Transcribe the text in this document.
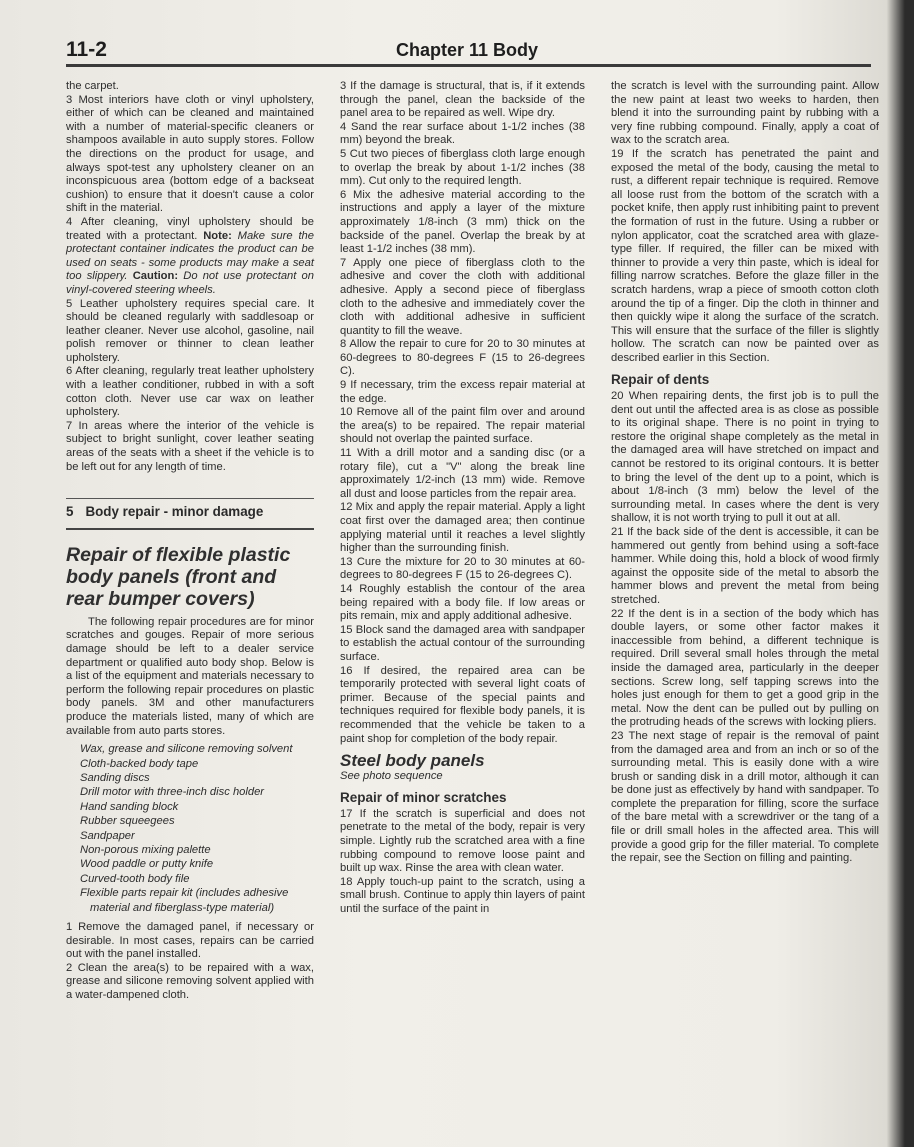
11-2	Chapter 11 Body

the carpet.

3 Most interiors have cloth or vinyl upholstery, either of which can be cleaned and maintained with a number of material-specific cleaners or shampoos available in auto supply stores. Follow the directions on the product for usage, and always spot-test any upholstery cleaner on an inconspicuous area (bottom edge of a backseat cushion) to ensure that it doesn't cause a color shift in the material.

4 After cleaning, vinyl upholstery should be treated with a protectant. Note: Make sure the protectant container indicates the product can be used on seats - some products may make a seat too slippery. Caution: Do not use protectant on vinyl-covered steering wheels.

5 Leather upholstery requires special care. It should be cleaned regularly with saddlesoap or leather cleaner. Never use alcohol, gasoline, nail polish remover or thinner to clean leather upholstery.

6 After cleaning, regularly treat leather upholstery with a leather conditioner, rubbed in with a soft cotton cloth. Never use car wax on leather upholstery.

7 In areas where the interior of the vehicle is subject to bright sunlight, cover leather seating areas of the seats with a sheet if the vehicle is to be left out for any length of time.

5 Body repair - minor damage
Repair of flexible plastic body panels (front and rear bumper covers)

The following repair procedures are for minor scratches and gouges. Repair of more serious damage should be left to a dealer service department or qualified auto body shop. Below is a list of the equipment and materials necessary to perform the following repair procedures on plastic body panels. 3M and other manufacturers produce the materials listed, many of which are available from auto parts stores.

Wax, grease and silicone removing solvent
Cloth-backed body tape
Sanding discs
Drill motor with three-inch disc holder
Hand sanding block
Rubber squeegees
Sandpaper
Non-porous mixing palette
Wood paddle or putty knife
Curved-tooth body file
Flexible parts repair kit (includes adhesive material and fiberglass-type material)

1 Remove the damaged panel, if necessary or desirable. In most cases, repairs can be carried out with the panel installed.

2 Clean the area(s) to be repaired with a wax, grease and silicone removing solvent applied with a water-dampened cloth.

3 If the damage is structural, that is, if it extends through the panel, clean the backside of the panel area to be repaired as well. Wipe dry.

4 Sand the rear surface about 1-1/2 inches (38 mm) beyond the break.

5 Cut two pieces of fiberglass cloth large enough to overlap the break by about 1-1/2 inches (38 mm). Cut only to the required length.

6 Mix the adhesive material according to the instructions and apply a layer of the mixture approximately 1/8-inch (3 mm) thick on the backside of the panel. Overlap the break by at least 1-1/2 inches (38 mm).

7 Apply one piece of fiberglass cloth to the adhesive and cover the cloth with additional adhesive. Apply a second piece of fiberglass cloth to the adhesive and immediately cover the cloth with additional adhesive in sufficient quantity to fill the weave.

8 Allow the repair to cure for 20 to 30 minutes at 60-degrees to 80-degrees F (15 to 26-degrees C).

9 If necessary, trim the excess repair material at the edge.

10 Remove all of the paint film over and around the area(s) to be repaired. The repair material should not overlap the painted surface.

11 With a drill motor and a sanding disc (or a rotary file), cut a "V" along the break line approximately 1/2-inch (13 mm) wide. Remove all dust and loose particles from the repair area.

12 Mix and apply the repair material. Apply a light coat first over the damaged area; then continue applying material until it reaches a level slightly higher than the surrounding finish.

13 Cure the mixture for 20 to 30 minutes at 60-degrees to 80-degrees F (15 to 26-degrees C).

14 Roughly establish the contour of the area being repaired with a body file. If low areas or pits remain, mix and apply additional adhesive.

15 Block sand the damaged area with sandpaper to establish the actual contour of the surrounding surface.

16 If desired, the repaired area can be temporarily protected with several light coats of primer. Because of the special paints and techniques required for flexible body panels, it is recommended that the vehicle be taken to a paint shop for completion of the body repair.

Steel body panels

See photo sequence

Repair of minor scratches

17 If the scratch is superficial and does not penetrate to the metal of the body, repair is very simple. Lightly rub the scratched area with a fine rubbing compound to remove loose paint and built up wax. Rinse the area with clean water.

18 Apply touch-up paint to the scratch, using a small brush. Continue to apply thin layers of paint until the surface of the paint in

the scratch is level with the surrounding paint. Allow the new paint at least two weeks to harden, then blend it into the surrounding paint by rubbing with a very fine rubbing compound. Finally, apply a coat of wax to the scratch area.

19 If the scratch has penetrated the paint and exposed the metal of the body, causing the metal to rust, a different repair technique is required. Remove all loose rust from the bottom of the scratch with a pocket knife, then apply rust inhibiting paint to prevent the formation of rust in the future. Using a rubber or nylon applicator, coat the scratched area with glaze-type filler. If required, the filler can be mixed with thinner to provide a very thin paste, which is ideal for filling narrow scratches. Before the glaze filler in the scratch hardens, wrap a piece of smooth cotton cloth around the tip of a finger. Dip the cloth in thinner and then quickly wipe it along the surface of the scratch. This will ensure that the surface of the filler is slightly hollow. The scratch can now be painted over as described earlier in this Section.

Repair of dents

20 When repairing dents, the first job is to pull the dent out until the affected area is as close as possible to its original shape. There is no point in trying to restore the original shape completely as the metal in the damaged area will have stretched on impact and cannot be restored to its original contours. It is better to bring the level of the dent up to a point, which is about 1/8-inch (3 mm) below the level of the surrounding metal. In cases where the dent is very shallow, it is not worth trying to pull it out at all.

21 If the back side of the dent is accessible, it can be hammered out gently from behind using a soft-face hammer. While doing this, hold a block of wood firmly against the opposite side of the metal to absorb the hammer blows and prevent the metal from being stretched.

22 If the dent is in a section of the body which has double layers, or some other factor makes it inaccessible from behind, a different technique is required. Drill several small holes through the metal inside the damaged area, particularly in the deeper sections. Screw long, self tapping screws into the holes just enough for them to get a good grip in the metal. Now the dent can be pulled out by pulling on the protruding heads of the screws with locking pliers.

23 The next stage of repair is the removal of paint from the damaged area and from an inch or so of the surrounding metal. This is easily done with a wire brush or sanding disk in a drill motor, although it can be done just as effectively by hand with sandpaper. To complete the preparation for filling, score the surface of the bare metal with a screwdriver or the tang of a file or drill small holes in the affected area. This will provide a good grip for the filler material. To complete the repair, see the Section on filling and painting.
